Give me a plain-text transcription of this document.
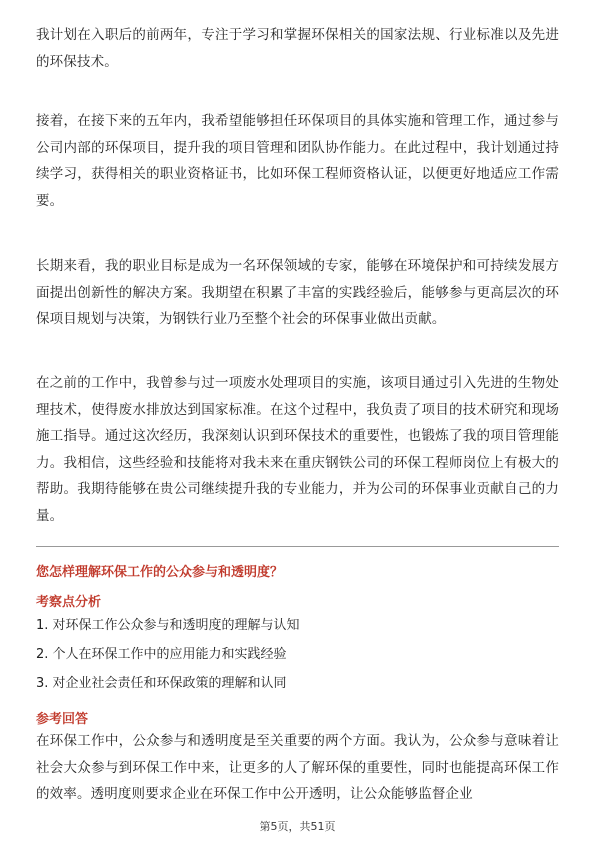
我计划在入职后的前两年，专注于学习和掌握环保相关的国家法规、行业标准以及先进的环保技术。

接着，在接下来的五年内，我希望能够担任环保项目的具体实施和管理工作，通过参与公司内部的环保项目，提升我的项目管理和团队协作能力。在此过程中，我计划通过持续学习，获得相关的职业资格证书，比如环保工程师资格认证，以便更好地适应工作需要。

长期来看，我的职业目标是成为一名环保领域的专家，能够在环境保护和可持续发展方面提出创新性的解决方案。我期望在积累了丰富的实践经验后，能够参与更高层次的环保项目规划与决策，为钢铁行业乃至整个社会的环保事业做出贡献。

在之前的工作中，我曾参与过一项废水处理项目的实施，该项目通过引入先进的生物处理技术，使得废水排放达到国家标准。在这个过程中，我负责了项目的技术研究和现场施工指导。通过这次经历，我深刻认识到环保技术的重要性，也锻炼了我的项目管理能力。我相信，这些经验和技能将对我未来在重庆钢铁公司的环保工程师岗位上有极大的帮助。我期待能够在贵公司继续提升我的专业能力，并为公司的环保事业贡献自己的力量。

您怎样理解环保工作的公众参与和透明度？

考察点分析

1. 对环保工作公众参与和透明度的理解与认知
2. 个人在环保工作中的应用能力和实践经验
3. 对企业社会责任和环保政策的理解和认同

参考回答

在环保工作中，公众参与和透明度是至关重要的两个方面。我认为，公众参与意味着让社会大众参与到环保工作中来，让更多的人了解环保的重要性，同时也能提高环保工作的效率。透明度则要求企业在环保工作中公开透明，让公众能够监督企业

第5页，共51页
